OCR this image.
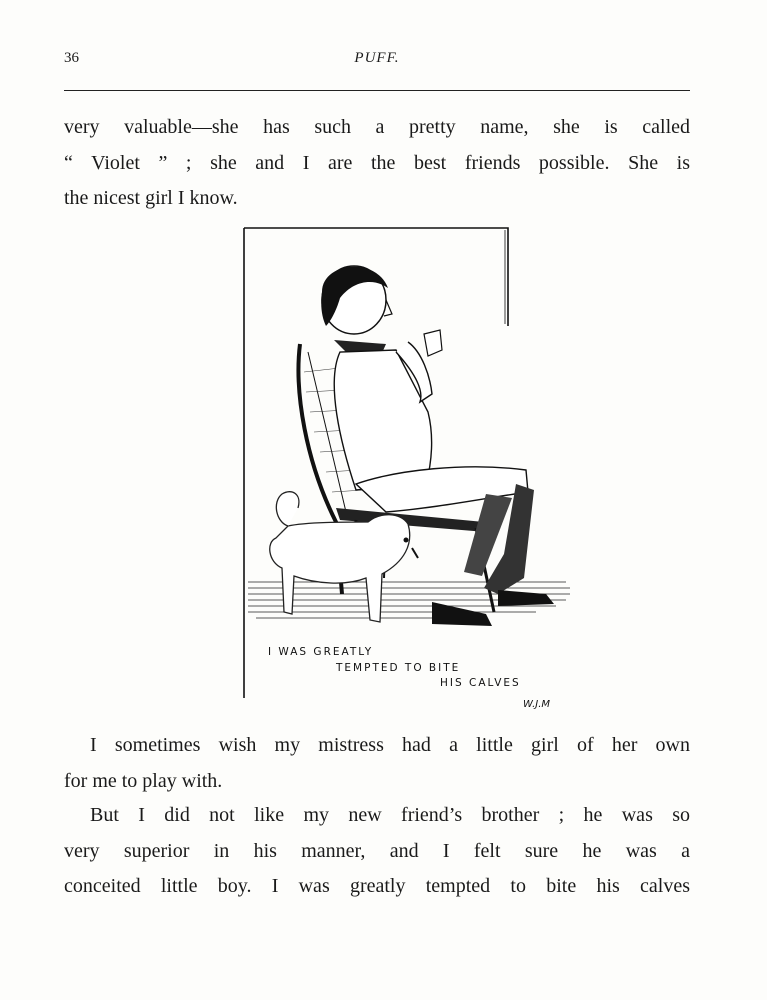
36	PUFF.
very valuable—she has such a pretty name, she is called
“ Violet ” ; she and I are the best friends possible. She is
the nicest girl I know.
I WAS GREATLY
TEMPTED TO BITE
HIS CALVES
W.J.M
I sometimes wish my mistress had a little girl of her own
for me to play with.
But I did not like my new friend’s brother ; he was so
very superior in his manner, and I felt sure he was a
conceited little boy. I was greatly tempted to bite his calves
